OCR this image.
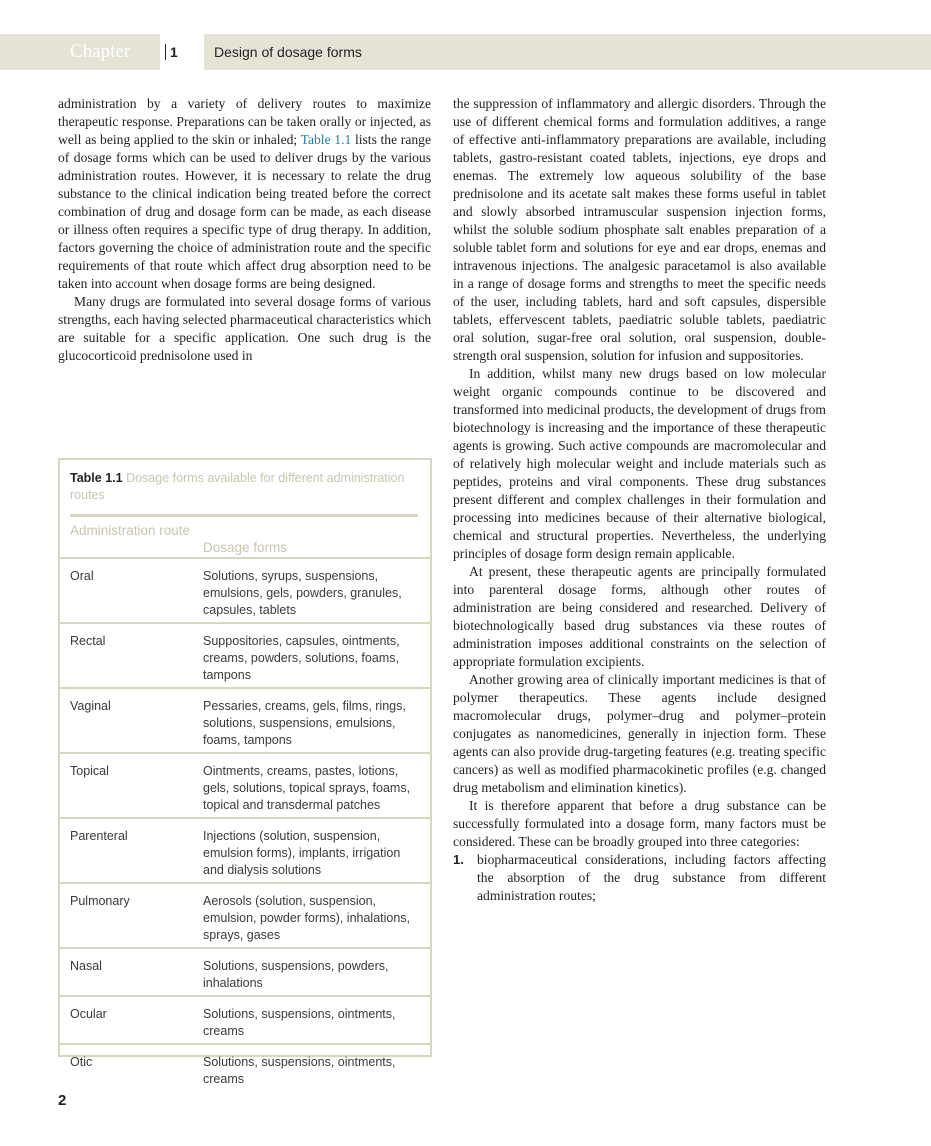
Chapter	1	Design of dosage forms

administration by a variety of delivery routes to maximize therapeutic response. Preparations can be taken orally or injected, as well as being applied to the skin or inhaled; Table 1.1 lists the range of dosage forms which can be used to deliver drugs by the various administration routes. However, it is necessary to relate the drug substance to the clinical indication being treated before the correct combination of drug and dosage form can be made, as each disease or illness often requires a specific type of drug therapy. In addition, factors governing the choice of administration route and the specific requirements of that route which affect drug absorption need to be taken into account when dosage forms are being designed.

Many drugs are formulated into several dosage forms of various strengths, each having selected pharmaceutical characteristics which are suitable for a specific application. One such drug is the glucocorticoid prednisolone used in

Table 1.1 Dosage forms available for different administration routes
Administration route
Dosage forms
Oral	Solutions, syrups, suspensions, emulsions, gels, powders, granules, capsules, tablets
Rectal	Suppositories, capsules, ointments, creams, powders, solutions, foams, tampons
Vaginal	Pessaries, creams, gels, films, rings, solutions, suspensions, emulsions, foams, tampons
Topical	Ointments, creams, pastes, lotions, gels, solutions, topical sprays, foams, topical and transdermal patches
Parenteral	Injections (solution, suspension, emulsion forms), implants, irrigation and dialysis solutions
Pulmonary	Aerosols (solution, suspension, emulsion, powder forms), inhalations, sprays, gases
Nasal	Solutions, suspensions, powders, inhalations
Ocular	Solutions, suspensions, ointments, creams
Otic	Solutions, suspensions, ointments, creams

the suppression of inflammatory and allergic disorders. Through the use of different chemical forms and formulation additives, a range of effective anti-inflammatory preparations are available, including tablets, gastro-resistant coated tablets, injections, eye drops and enemas. The extremely low aqueous solubility of the base prednisolone and its acetate salt makes these forms useful in tablet and slowly absorbed intramuscular suspension injection forms, whilst the soluble sodium phosphate salt enables preparation of a soluble tablet form and solutions for eye and ear drops, enemas and intravenous injections. The analgesic paracetamol is also available in a range of dosage forms and strengths to meet the specific needs of the user, including tablets, hard and soft capsules, dispersible tablets, effervescent tablets, paediatric soluble tablets, paediatric oral solution, sugar-free oral solution, oral suspension, double-strength oral suspension, solution for infusion and suppositories.

In addition, whilst many new drugs based on low molecular weight organic compounds continue to be discovered and transformed into medicinal products, the development of drugs from biotechnology is increasing and the importance of these therapeutic agents is growing. Such active compounds are macromolecular and of relatively high molecular weight and include materials such as peptides, proteins and viral components. These drug substances present different and complex challenges in their formulation and processing into medicines because of their alternative biological, chemical and structural properties. Nevertheless, the underlying principles of dosage form design remain applicable.

At present, these therapeutic agents are principally formulated into parenteral dosage forms, although other routes of administration are being considered and researched. Delivery of biotechnologically based drug substances via these routes of administration imposes additional constraints on the selection of appropriate formulation excipients.

Another growing area of clinically important medicines is that of polymer therapeutics. These agents include designed macromolecular drugs, polymer–drug and polymer–protein conjugates as nanomedicines, generally in injection form. These agents can also provide drug-targeting features (e.g. treating specific cancers) as well as modified pharmacokinetic profiles (e.g. changed drug metabolism and elimination kinetics).

It is therefore apparent that before a drug substance can be successfully formulated into a dosage form, many factors must be considered. These can be broadly grouped into three categories:

1. biopharmaceutical considerations, including factors affecting the absorption of the drug substance from different administration routes;
2
